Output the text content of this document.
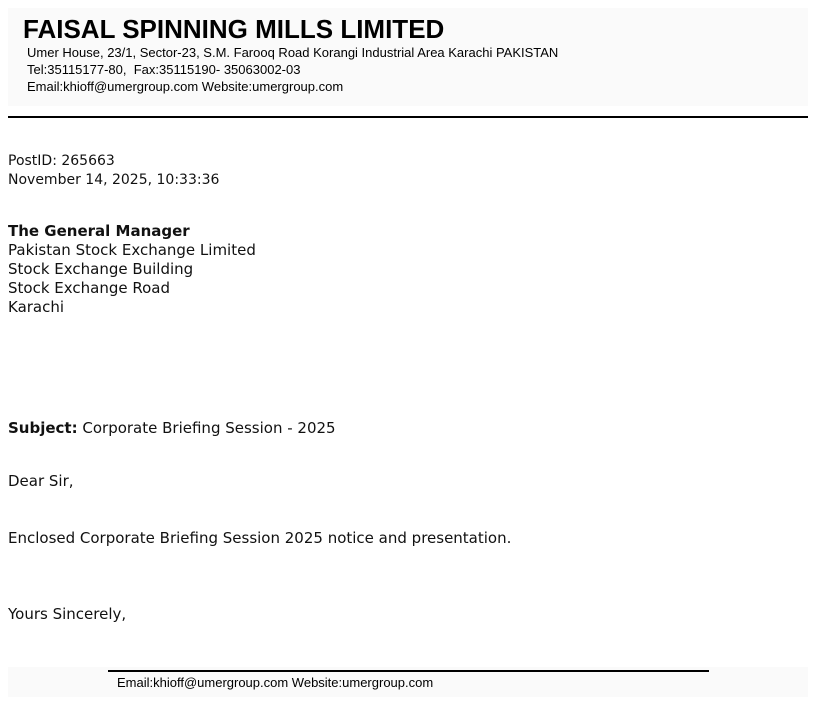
FAISAL SPINNING MILLS LIMITED
Umer House, 23/1, Sector-23, S.M. Farooq Road Korangi Industrial Area Karachi PAKISTAN
Tel:35115177-80,  Fax:35115190- 35063002-03
Email:khioff@umergroup.com Website:umergroup.com
PostID: 265663
November 14, 2025, 10:33:36
The General Manager
Pakistan Stock Exchange Limited
Stock Exchange Building
Stock Exchange Road
Karachi
Subject: Corporate Briefing Session - 2025
Dear Sir,
Enclosed Corporate Briefing Session 2025 notice and presentation.
Yours Sincerely,
Email:khioff@umergroup.com Website:umergroup.com
